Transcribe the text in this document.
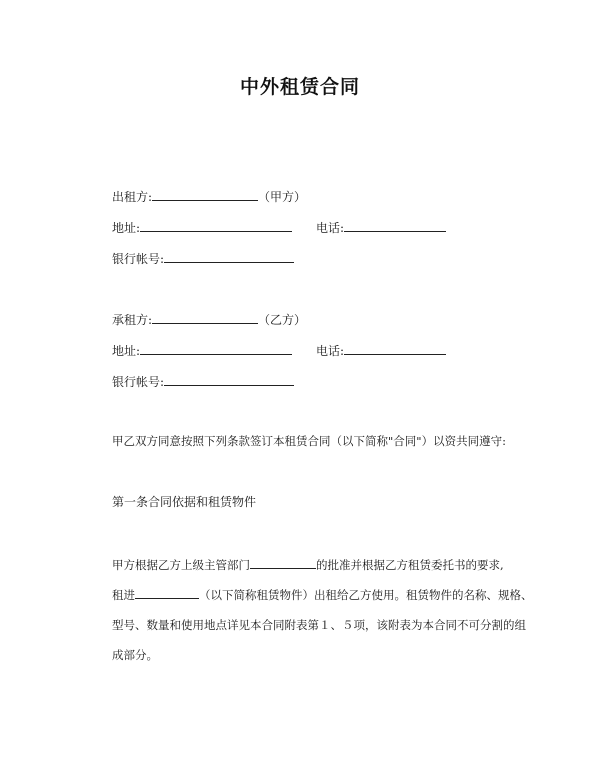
中外租赁合同
出租方:	（甲方）
地址:	电话:
银行帐号:
承租方:	（乙方）
地址:	电话:
银行帐号:
甲乙双方同意按照下列条款签订本租赁合同（以下简称"合同"）以资共同遵守:
第一条合同依据和租赁物件
甲方根据乙方上级主管部门	的批准并根据乙方租赁委托书的要求,
租进	（以下简称租赁物件）出租给乙方使用。租赁物件的名称、规格、
型号、数量和使用地点详见本合同附表第１、５项，该附表为本合同不可分割的组
成部分。
